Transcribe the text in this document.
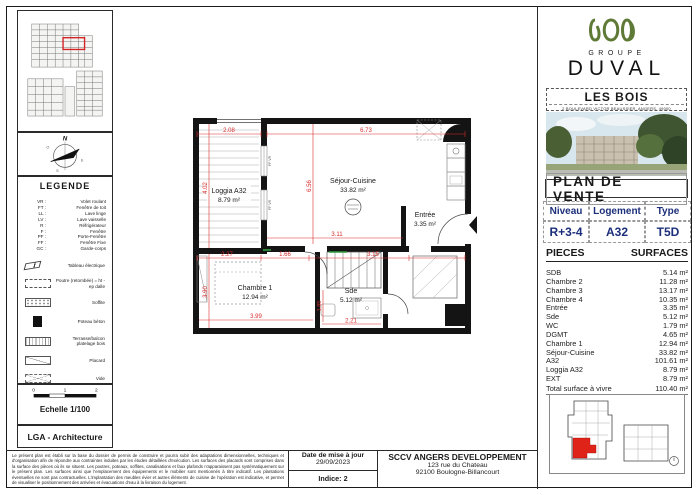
N
O
E
S
LEGENDE
VR :	Volet roulant
FT :	Fenêtre de toit
LL :	Lave linge
LV :	Lave vaisselle
R :	Réfrigérateur
F :	Fenêtre
PF :	Porte-Fenêtre
FF :	Fenêtre Fixe
GC :	Garde-corps
Tableau électrique
Poutre (retombée) = ht - ep dalle
Soffite
Poteau béton
Terrasse/balcon platelage bois
Placard
Vide
0	1	2
Echelle 1/100
LGA - Architecture
Le présent plan est établi sur la base du dossier de permis de construire et pourra subir des adaptations dimensionnelles, techniques et d'organisation afin de répondre aux contraintes induites par les études détaillées d'exécution. Les surfaces des placards sont comprises dans la surface des pièces où ils se situent. Les poutres, poteaux, soffites, canalisations et faux plafonds n'apparaissent pas systématiquement sur le présent plan. Les surfaces ainsi que l'emplacement des équipements et le mobilier sont mentionnés à titre indicatif. Les plantations éventuelles ne sont pas contractuelles. L'implantation des meubles évier et autres éléments de cuisine de l'opération est indicative, et permet de visualiser le positionnement des arrivées et évacuations d'eau à la livraison du logement.
Date de mise à jour
29/09/2023
Indice: 2
SCCV ANGERS DEVELOPPEMENT
123 rue du Chateau
92100 Boulogne-Billancourt
GROUPE
DUVAL
LES BOIS
2 BOULEVARD VICTOR BEAUSSIER, ANGERS, 49000
PLAN DE VENTE
Niveau	Logement	Type
R+3-4	A32	T5D
PIECES	SURFACES
SDB	5.14 m²
Chambre 2	11.28 m²
Chambre 3	13.17 m²
Chambre 4	10.35 m²
Entrée	3.35 m²
Sde	5.12 m²
WC	1.79 m²
DGMT	4.65 m²
Chambre 1	12.94 m²
Séjour-Cuisine	33.82 m²
A32	101.61 m²
Loggia A32	8.79 m²
EXT	8.79 m²
Total surface à vivre	110.40 m²
PF VR
PF VR
Loggia A32
8.79 m²
Séjour-Cuisine
33.82 m²
Entrée
3.35 m²
Chambre 1
12.94 m²
Sde
5.12 m²
2.08	6.73
4.02
3.90
6.56
2.27	1.66	3.15
3.11
3.99
2.21
1.85
